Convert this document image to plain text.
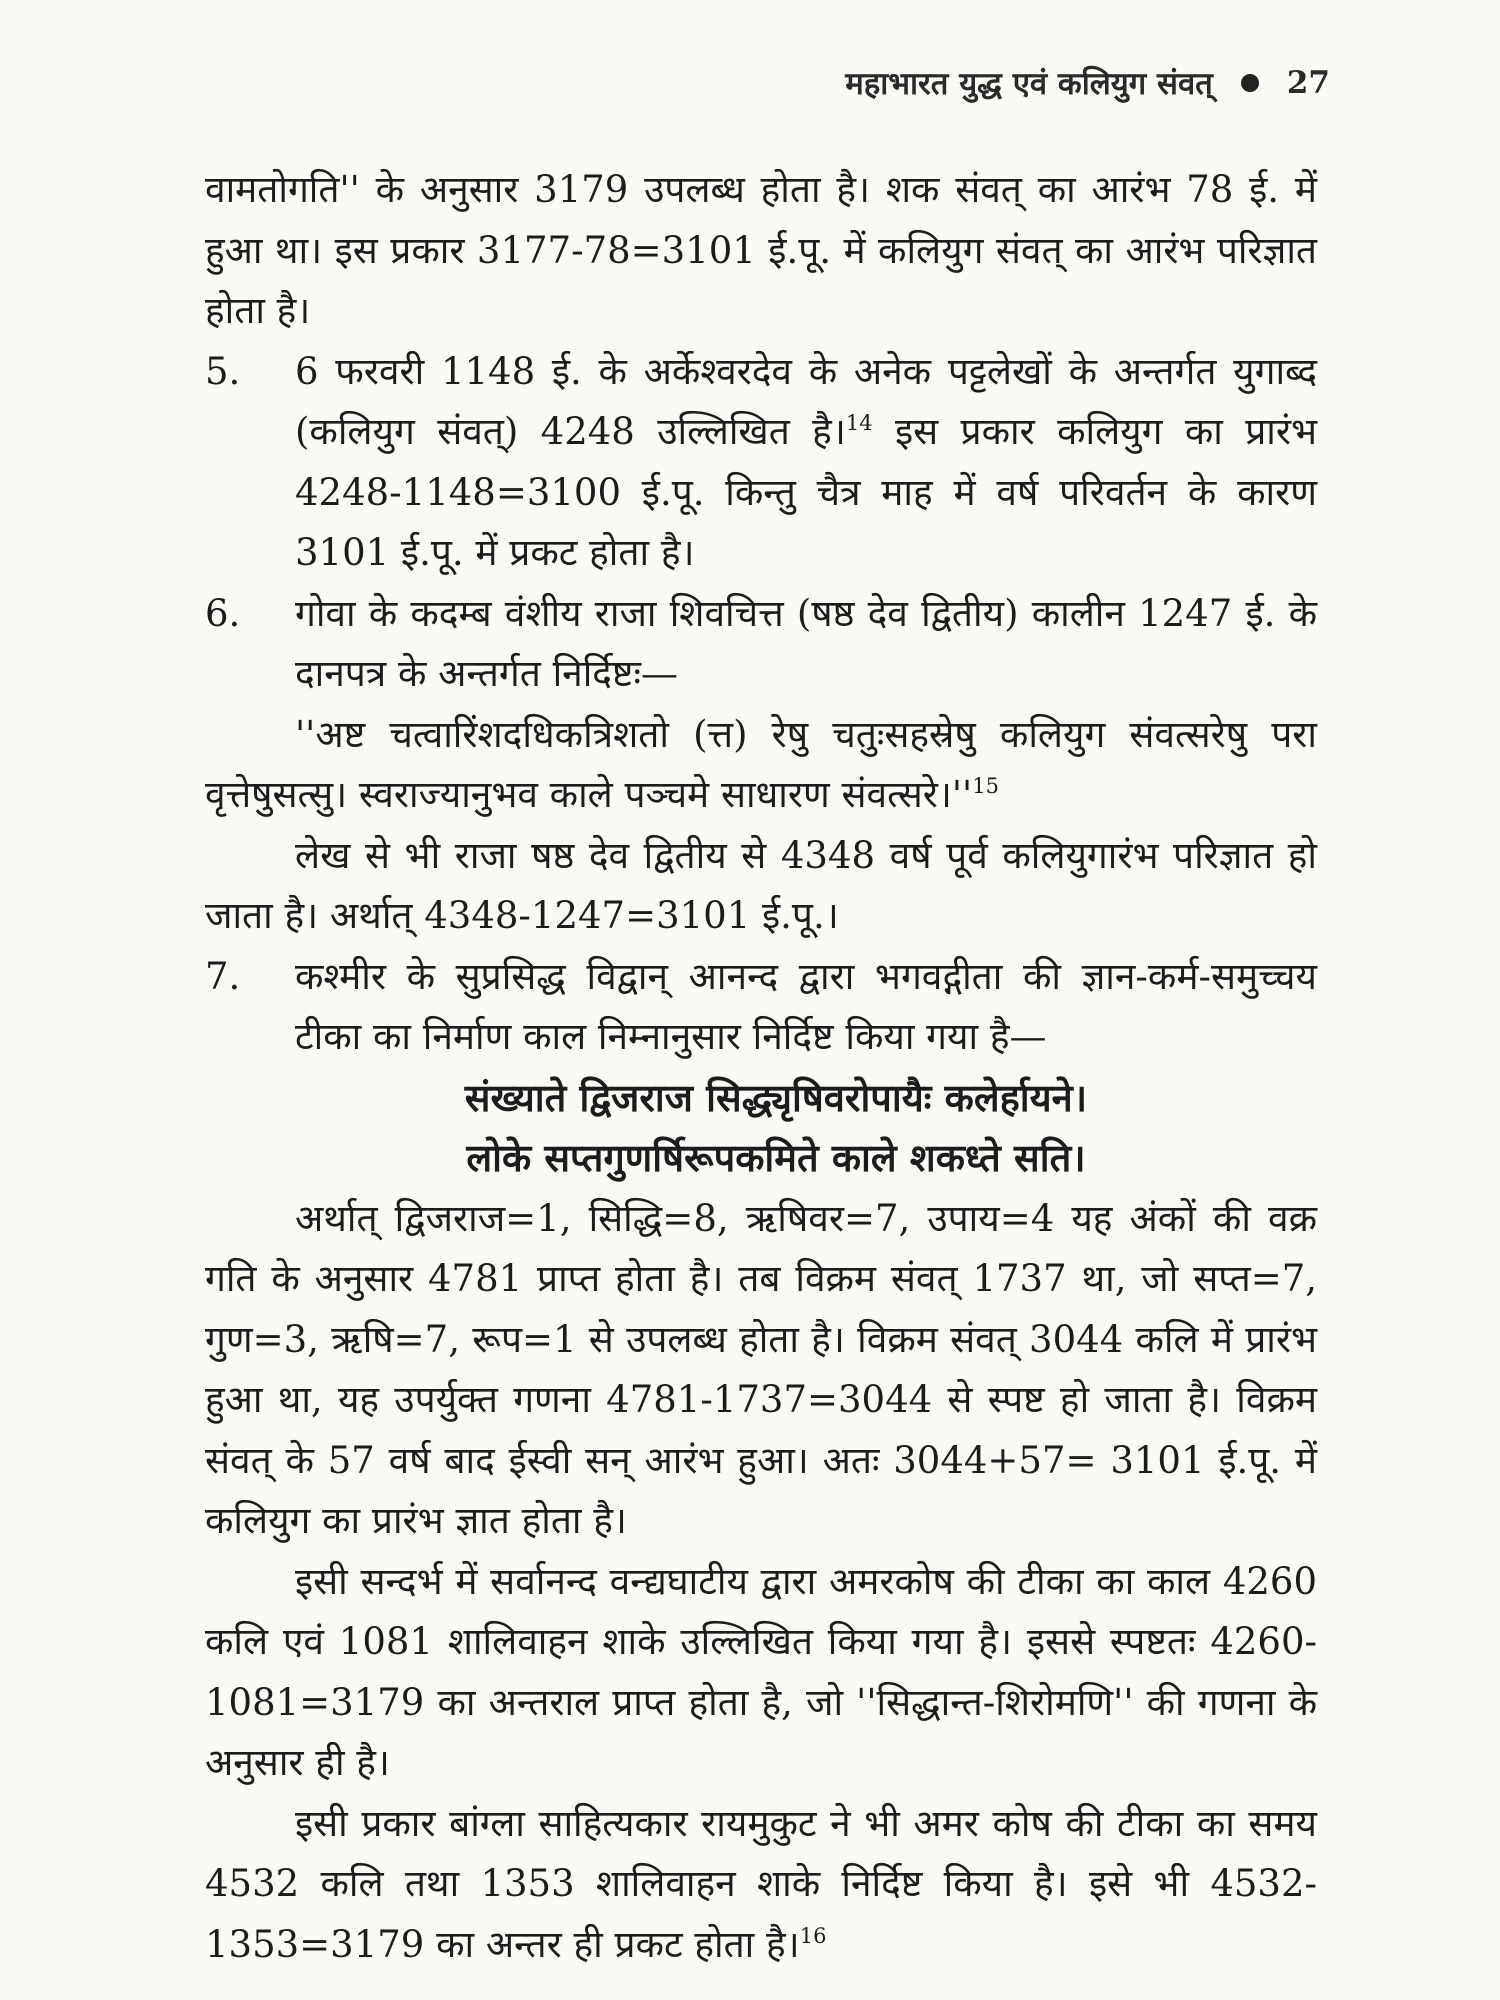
महाभारत युद्ध एवं कलियुग संवत् 27

वामतोगति'' के अनुसार 3179 उपलब्ध होता है। शक संवत् का आरंभ 78 ई. में हुआ था। इस प्रकार 3177-78=3101 ई.पू. में कलियुग संवत् का आरंभ परिज्ञात होता है।

5.	6 फरवरी 1148 ई. के अर्केश्वरदेव के अनेक पट्टलेखों के अन्तर्गत युगाब्द (कलियुग संवत्) 4248 उल्लिखित है।$^{14}$ इस प्रकार कलियुग का प्रारंभ 4248-1148=3100 ई.पू. किन्तु चैत्र माह में वर्ष परिवर्तन के कारण 3101 ई.पू. में प्रकट होता है।
6.	गोवा के कदम्ब वंशीय राजा शिवचित्त (षष्ठ देव द्वितीय) कालीन 1247 ई. के दानपत्र के अन्तर्गत निर्दिष्टः—

''अष्ट चत्वारिंशदधिकत्रिशतो (त्त) रेषु चतुःसहस्रेषु कलियुग संवत्सरेषु परा वृत्तेषुसत्सु। स्वराज्यानुभव काले पञ्चमे साधारण $संवत्सरे।''^{15}$

लेख से भी राजा षष्ठ देव द्वितीय से 4348 वर्ष पूर्व कलियुगारंभ परिज्ञात हो जाता है। अर्थात् 4348-1247=3101 ई.पू.।

7.	कश्मीर के सुप्रसिद्ध विद्वान् आनन्द द्वारा भगवद्गीता की ज्ञान-कर्म-समुच्चय टीका का निर्माण काल निम्नानुसार निर्दिष्ट किया गया है—

संख्याते द्विजराज सिद्ध्यृषिवरोपायैः कलेर्हायने।

लोके सप्तगुणर्षिरूपकमिते काले शकध्ते सति।

अर्थात् द्विजराज=1, सिद्धि=8, ऋषिवर=7, उपाय=4 यह अंकों की वक्र गति के अनुसार 4781 प्राप्त होता है। तब विक्रम संवत् 1737 था, जो सप्त=7, गुण=3, ऋषि=7, रूप=1 से उपलब्ध होता है। विक्रम संवत् 3044 कलि में प्रारंभ हुआ था, यह उपर्युक्त गणना 4781-1737=3044 से स्पष्ट हो जाता है। विक्रम संवत् के 57 वर्ष बाद ईस्वी सन् आरंभ हुआ। अतः 3044+57= 3101 ई.पू. में कलियुग का प्रारंभ ज्ञात होता है।

इसी सन्दर्भ में सर्वानन्द वन्द्यघाटीय द्वारा अमरकोष की टीका का काल 4260 कलि एवं 1081 शालिवाहन शाके उल्लिखित किया गया है। इससे स्पष्टतः 4260-1081=3179 का अन्तराल प्राप्त होता है, जो ''सिद्धान्त-शिरोमणि'' की गणना के अनुसार ही है।

इसी प्रकार बांग्ला साहित्यकार रायमुकुट ने भी अमर कोष की टीका का समय 4532 कलि तथा 1353 शालिवाहन शाके निर्दिष्ट किया है। इसे भी 4532-1353=3179 का अन्तर ही प्रकट होता है।$^{16}$
